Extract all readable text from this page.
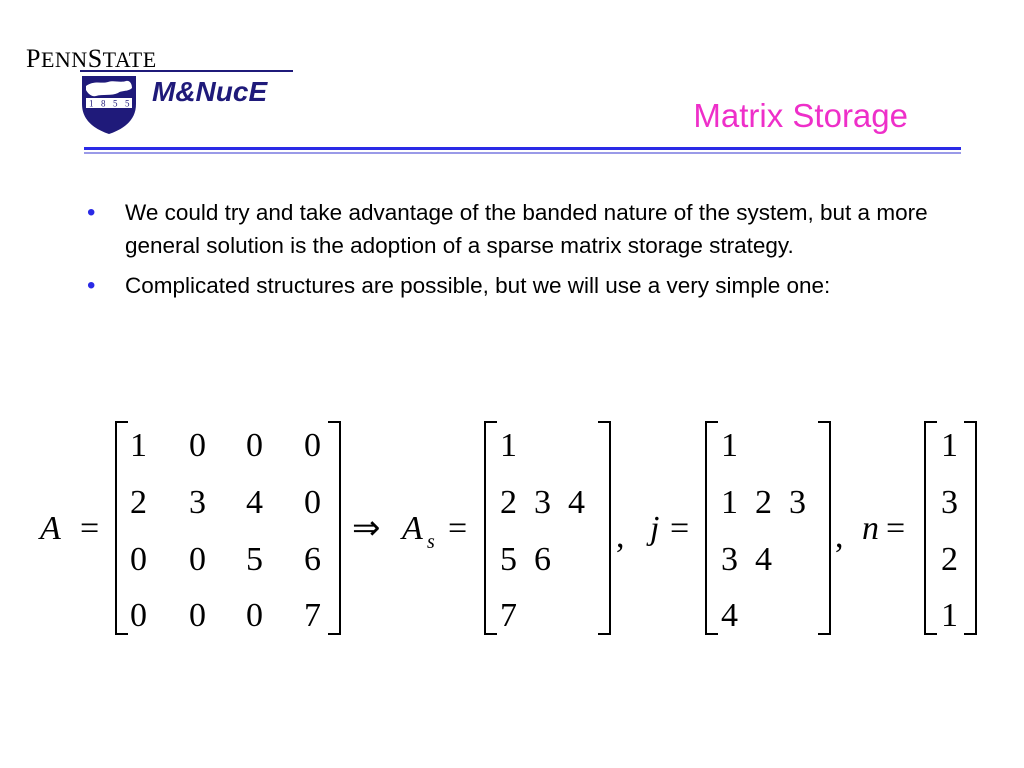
PENNSTATE
1 8 5 5 M&NucE
Matrix Storage
• We could try and take advantage of the banded nature of the system, but a more general solution is the adoption of a sparse matrix storage strategy.
• Complicated structures are possible, but we will use a very simple one:
A =
1 0 0 0
2 3 4 0
0 0 5 6
0 0 0 7
⇒ A s =
1
2  3  4
5  6
7
, j =
1
1  2  3
3  4
4
, n =
1
3
2
1
